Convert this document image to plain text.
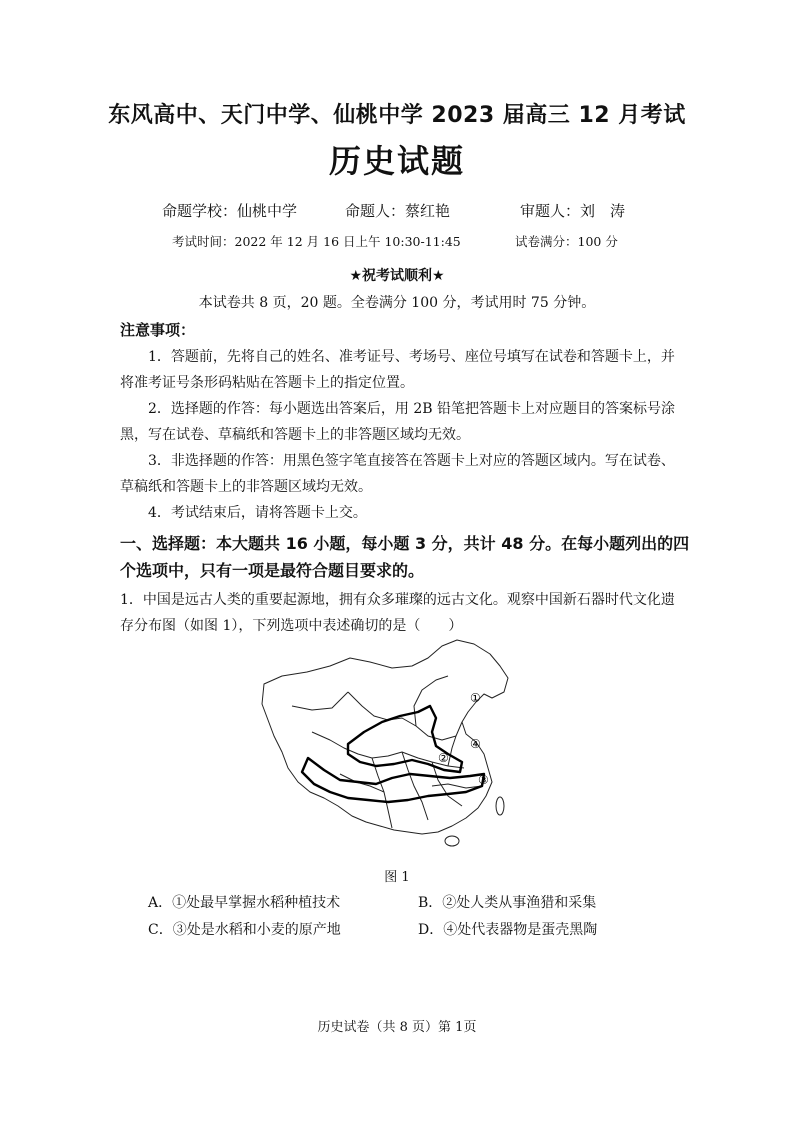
东风高中、天门中学、仙桃中学 2023 届高三 12 月考试
历史试题
命题学校：仙桃中学	命题人：蔡红艳	审题人：刘　涛
考试时间：2022 年 12 月 16 日上午 10:30-11:45	试卷满分：100 分
★祝考试顺利★
本试卷共 8 页，20 题。全卷满分 100 分，考试用时 75 分钟。
注意事项：
1．答题前，先将自己的姓名、准考证号、考场号、座位号填写在试卷和答题卡上，并将准考证号条形码粘贴在答题卡上的指定位置。
2．选择题的作答：每小题选出答案后，用 2B 铅笔把答题卡上对应题目的答案标号涂黑，写在试卷、草稿纸和答题卡上的非答题区域均无效。
3．非选择题的作答：用黑色签字笔直接答在答题卡上对应的答题区域内。写在试卷、草稿纸和答题卡上的非答题区域均无效。
4．考试结束后，请将答题卡上交。
一、选择题：本大题共 16 小题，每小题 3 分，共计 48 分。在每小题列出的四个选项中，只有一项是最符合题目要求的。
1．中国是远古人类的重要起源地，拥有众多璀璨的远古文化。观察中国新石器时代文化遗存分布图（如图 1），下列选项中表述确切的是（　　）
①
②
③
④
图 1
A．①处最早掌握水稻种植技术	B．②处人类从事渔猎和采集
C．③处是水稻和小麦的原产地	D．④处代表器物是蛋壳黑陶
历史试卷（共 8 页）第 1页
